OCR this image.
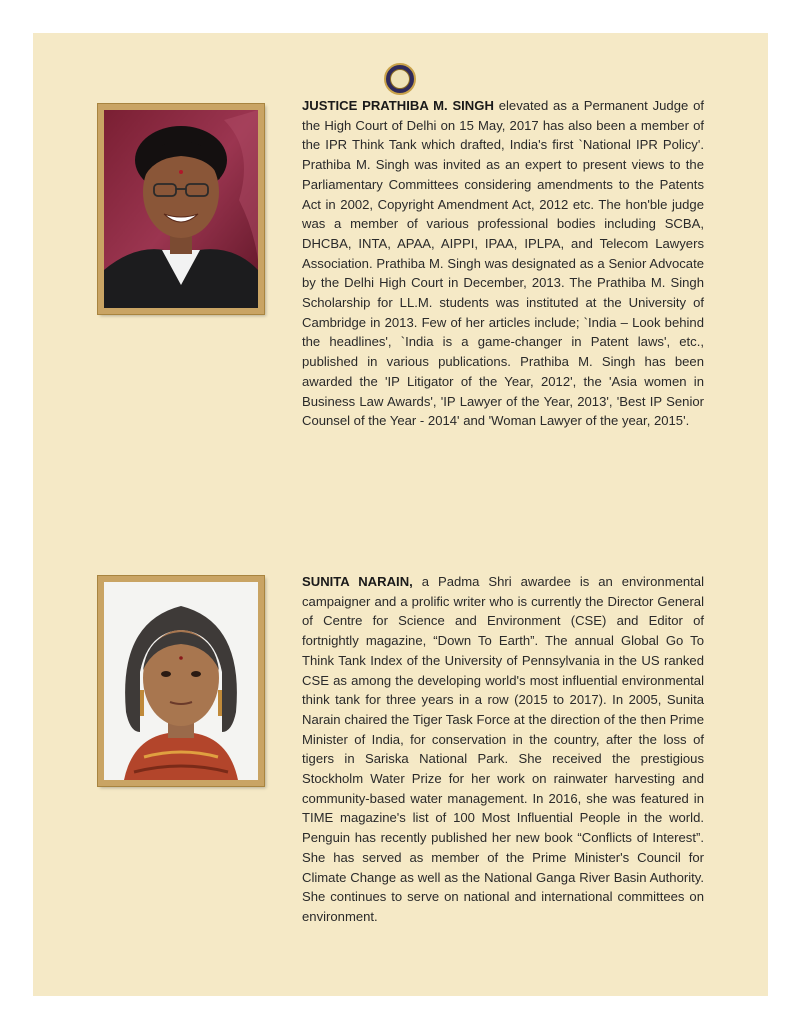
JUSTICE PRATHIBA M. SINGH elevated as a Permanent Judge of the High Court of Delhi on 15 May, 2017 has also been a member of the IPR Think Tank which drafted, India's first `National IPR Policy'. Prathiba M. Singh was invited as an expert to present views to the Parliamentary Committees considering amendments to the Patents Act in 2002, Copyright Amendment Act, 2012 etc. The hon'ble judge was a member of various professional bodies including SCBA, DHCBA, INTA, APAA, AIPPI, IPAA, IPLPA, and Telecom Lawyers Association. Prathiba M. Singh was designated as a Senior Advocate by the Delhi High Court in December, 2013. The Prathiba M. Singh Scholarship for LL.M. students was instituted at the University of Cambridge in 2013. Few of her articles include; `India – Look behind the headlines', `India is a game-changer in Patent laws', etc., published in various publications. Prathiba M. Singh has been awarded the 'IP Litigator of the Year, 2012', the 'Asia women in Business Law Awards', 'IP Lawyer of the Year, 2013', 'Best IP Senior Counsel of the Year - 2014' and 'Woman Lawyer of the year, 2015'.

SUNITA NARAIN, a Padma Shri awardee is an environmental campaigner and a prolific writer who is currently the Director General of Centre for Science and Environment (CSE) and Editor of fortnightly magazine, “Down To Earth”. The annual Global Go To Think Tank Index of the University of Pennsylvania in the US ranked CSE as among the developing world's most influential environmental think tank for three years in a row (2015 to 2017). In 2005, Sunita Narain chaired the Tiger Task Force at the direction of the then Prime Minister of India, for conservation in the country, after the loss of tigers in Sariska National Park. She received the prestigious Stockholm Water Prize for her work on rainwater harvesting and community-based water management. In 2016, she was featured in TIME magazine's list of 100 Most Influential People in the world. Penguin has recently published her new book “Conflicts of Interest”. She has served as member of the Prime Minister's Council for Climate Change as well as the National Ganga River Basin Authority. She continues to serve on national and international committees on environment.
